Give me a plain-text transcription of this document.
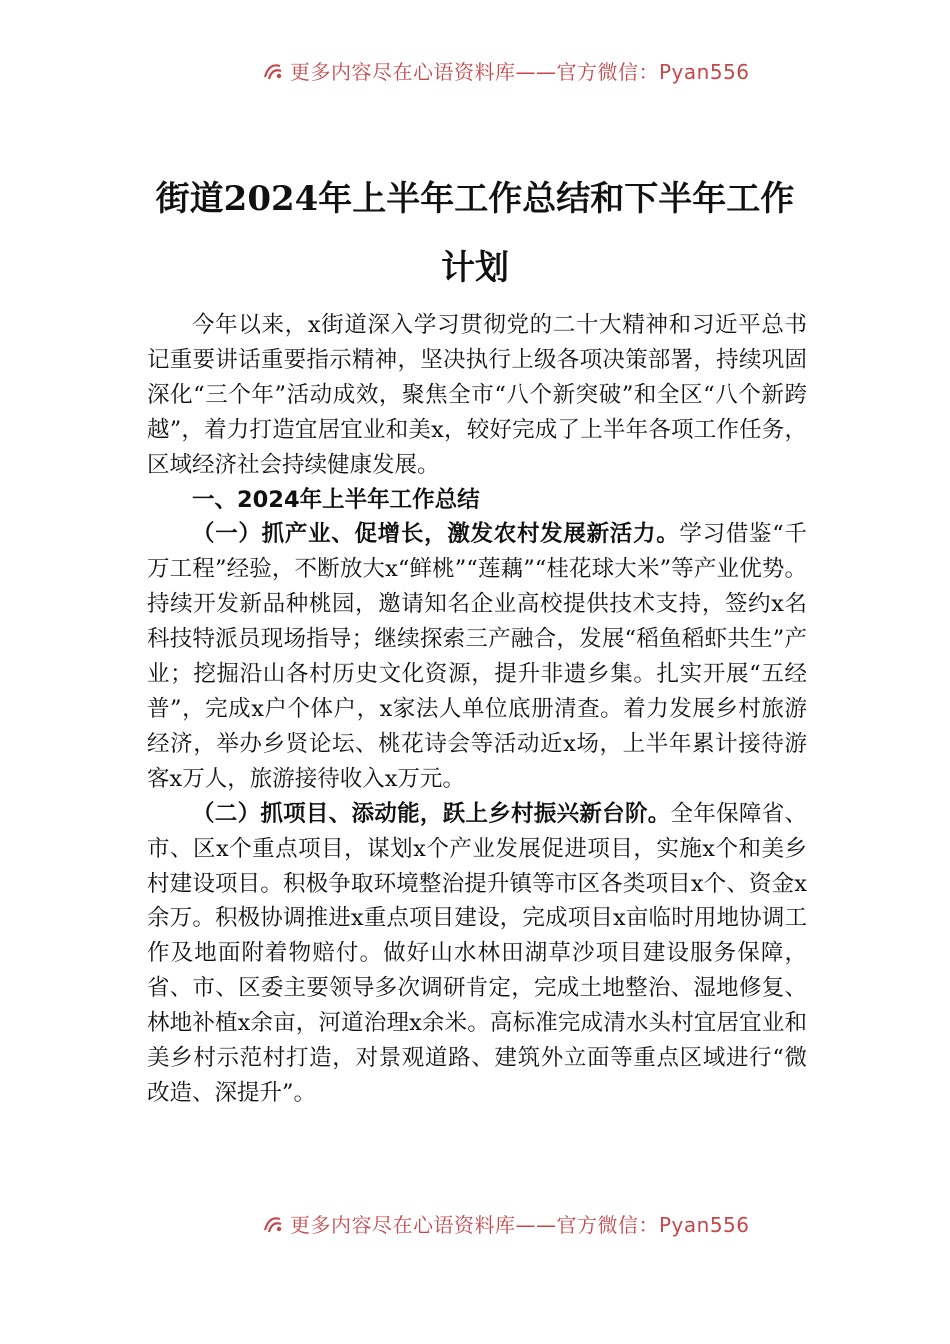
更多内容尽在心语资料库——官方微信：Pyan556
街道2024年上半年工作总结和下半年工作
计划

今年以来，x街道深入学习贯彻党的二十大精神和习近平总书记重要讲话重要指示精神，坚决执行上级各项决策部署，持续巩固深化“三个年”活动成效，聚焦全市“八个新突破”和全区“八个新跨越”，着力打造宜居宜业和美x，较好完成了上半年各项工作任务，区域经济社会持续健康发展。

一、2024年上半年工作总结

（一）抓产业、促增长，激发农村发展新活力。学习借鉴“千万工程”经验，不断放大x“鲜桃”“莲藕”“桂花球大米”等产业优势。持续开发新品种桃园，邀请知名企业高校提供技术支持，签约x名科技特派员现场指导；继续探索三产融合，发展“稻鱼稻虾共生”产业；挖掘沿山各村历史文化资源，提升非遗乡集。扎实开展“五经普”，完成x户个体户，x家法人单位底册清查。着力发展乡村旅游经济，举办乡贤论坛、桃花诗会等活动近x场，上半年累计接待游客x万人，旅游接待收入x万元。

（二）抓项目、添动能，跃上乡村振兴新台阶。全年保障省、市、区x个重点项目，谋划x个产业发展促进项目，实施x个和美乡村建设项目。积极争取环境整治提升镇等市区各类项目x个、资金x余万。积极协调推进x重点项目建设，完成项目x亩临时用地协调工作及地面附着物赔付。做好山水林田湖草沙项目建设服务保障，省、市、区委主要领导多次调研肯定，完成土地整治、湿地修复、林地补植x余亩，河道治理x余米。高标准完成清水头村宜居宜业和美乡村示范村打造，对景观道路、建筑外立面等重点区域进行“微改造、深提升”。

更多内容尽在心语资料库——官方微信：Pyan556
